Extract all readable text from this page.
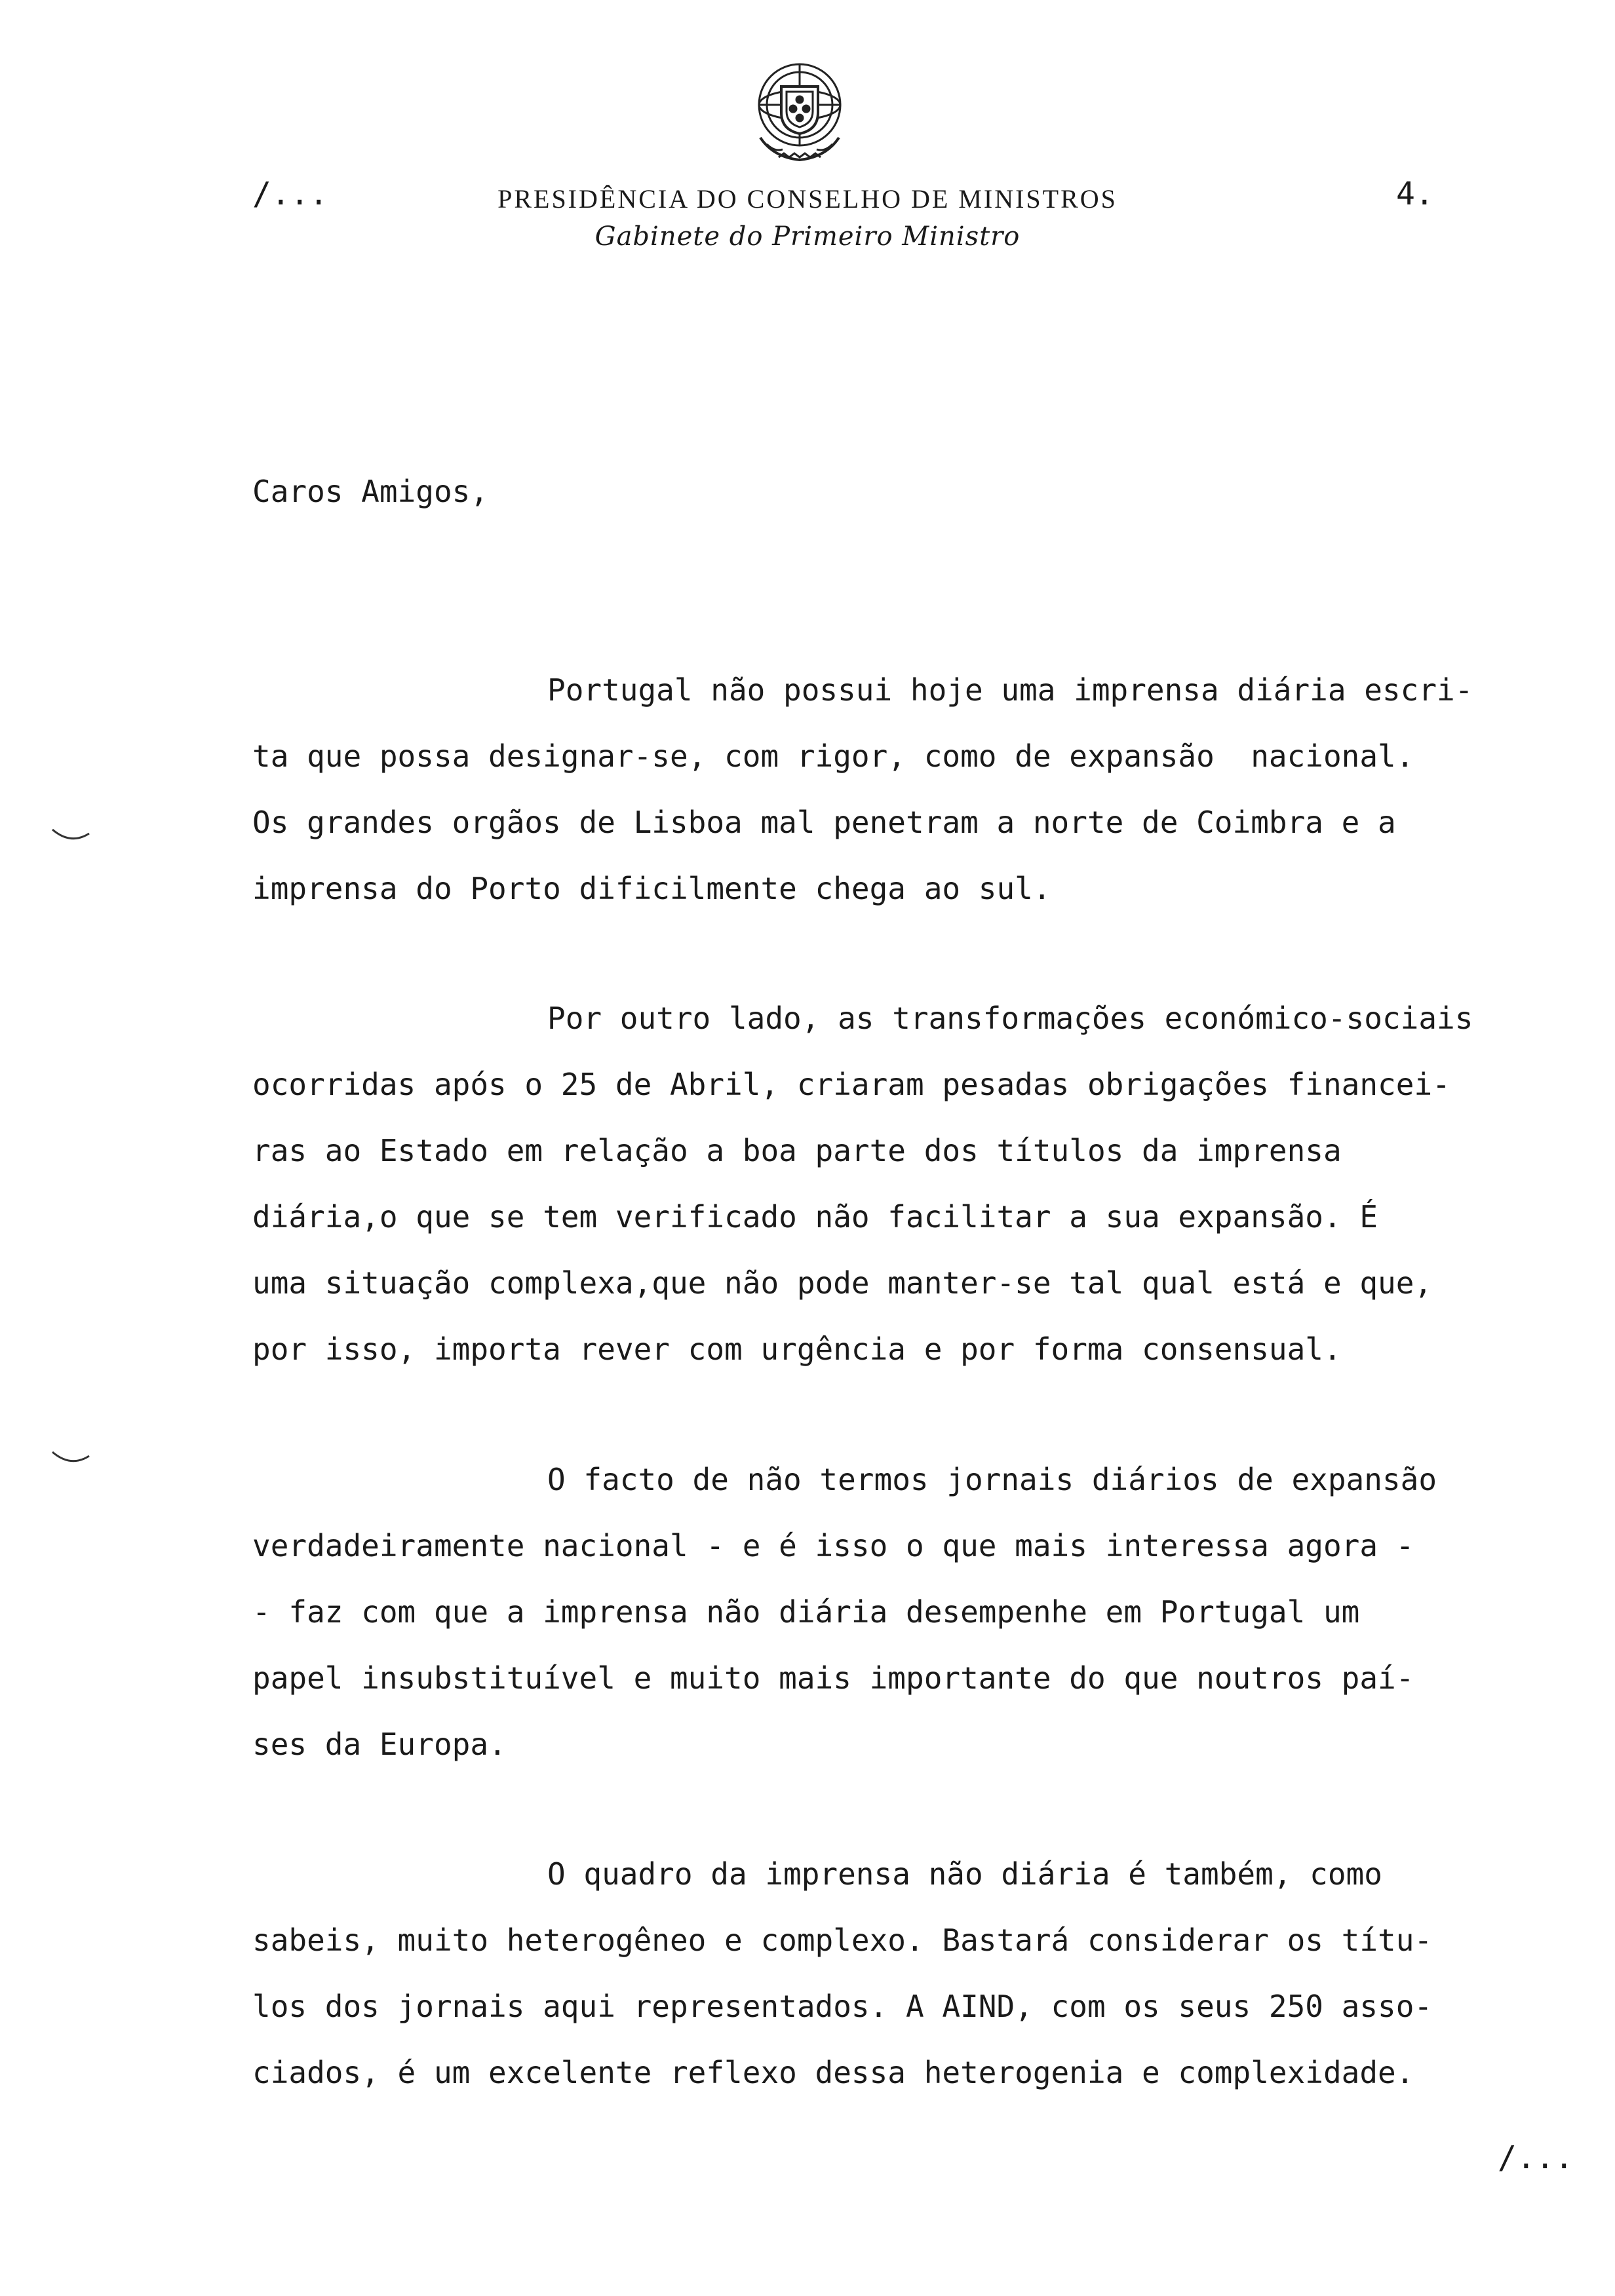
/...	PRESIDÊNCIA DO CONSELHO DE MINISTROS
Gabinete do Primeiro Ministro
4.
Caros Amigos,
Portugal não possui hoje uma imprensa diária escri-
ta que possa designar-se, com rigor, como de expansão  nacional.
Os grandes orgãos de Lisboa mal penetram a norte de Coimbra e a
imprensa do Porto dificilmente chega ao sul.
Por outro lado, as transformações económico-sociais
ocorridas após o 25 de Abril, criaram pesadas obrigações financei-
ras ao Estado em relação a boa parte dos títulos da imprensa
diária,o que se tem verificado não facilitar a sua expansão. É
uma situação complexa,que não pode manter-se tal qual está e que,
por isso, importa rever com urgência e por forma consensual.
O facto de não termos jornais diários de expansão
verdadeiramente nacional - e é isso o que mais interessa agora -
- faz com que a imprensa não diária desempenhe em Portugal um
papel insubstituível e muito mais importante do que noutros paí-
ses da Europa.
O quadro da imprensa não diária é também, como
sabeis, muito heterogêneo e complexo. Bastará considerar os títu-
los dos jornais aqui representados. A AIND, com os seus 250 asso-
ciados, é um excelente reflexo dessa heterogenia e complexidade.
/...
